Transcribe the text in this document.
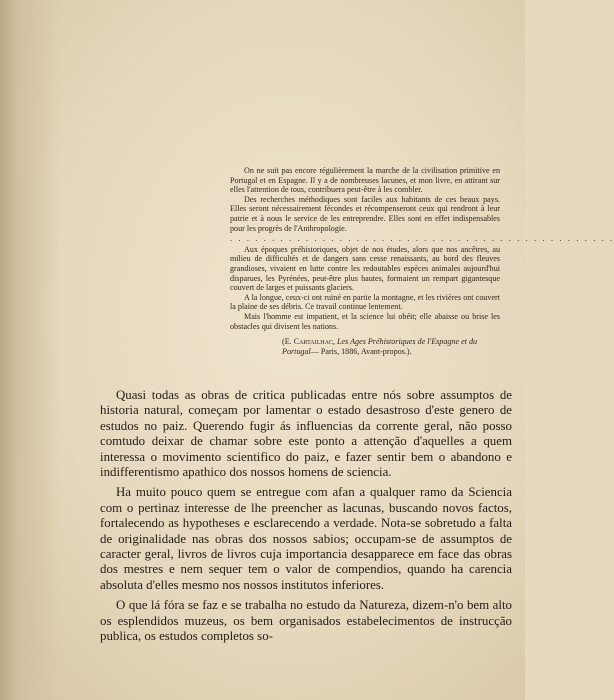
On ne suit pas encore régulièrement la marche de la civilisation primitive en Portugal et en Espagne. Il y a de nombreuses lacunes, et mon livre, en attirant sur elles l'attention de tous, contribuera peut-être à les combler.

Des recherches méthodiques sont faciles aux habitants de ces beaux pays. Elles seront nécessairement fécondes et récompenseront ceux qui rendront à leur patrie et à nous le service de les entreprendre. Elles sont en effet indispensables pour les progrès de l'Anthropologie.

. . . . . . . . . . . . . . . . . . . . . . . . . . . . . . . . . . . . . . . . . . . . . .

Aux époques préhistoriques, objet de nos études, alors que nos ancêtres, au milieu de difficultés et de dangers sans cesse renaissants, au bord des fleuves grandioses, vivaient en lutte contre les redoutables espèces animales aujourd'hui disparues, les Pyrénées, peut-être plus hautes, formaient un rempart gigantesque couvert de larges et puissants glaciers.

A la longue, ceux-ci ont ruiné en partie la montagne, et les rivières ont couvert la plaine de ses débris. Ce travail continue lentement.

Mais l'homme est impatient, et la science lui obéit; elle abaisse ou brise les obstacles qui divisent les nations.

(E. Cartailhac, Les Ages Préhistoriques de l'Espagne et du Portugal— Paris, 1886, Avant-propos.).

Quasi todas as obras de critica publicadas entre nós sobre assumptos de historia natural, começam por lamentar o estado desastroso d'este genero de estudos no paiz. Querendo fugir ás influencias da corrente geral, não posso comtudo deixar de chamar sobre este ponto a attenção d'aquelles a quem interessa o movimento scientifico do paiz, e fazer sentir bem o abandono e indifferentismo apathico dos nossos homens de sciencia.

Ha muito pouco quem se entregue com afan a qualquer ramo da Sciencia com o pertinaz interesse de lhe preencher as lacunas, buscando novos factos, fortalecendo as hypotheses e esclarecendo a verdade. Nota-se sobretudo a falta de originalidade nas obras dos nossos sabios; occupam-se de assumptos de caracter geral, livros de livros cuja importancia desapparece em face das obras dos mestres e nem sequer tem o valor de compendios, quando ha carencia absoluta d'elles mesmo nos nossos institutos inferiores.

O que lá fóra se faz e se trabalha no estudo da Natureza, dizem-n'o bem alto os esplendidos muzeus, os bem organisados estabelecimentos de instrucção publica, os estudos completos so-
